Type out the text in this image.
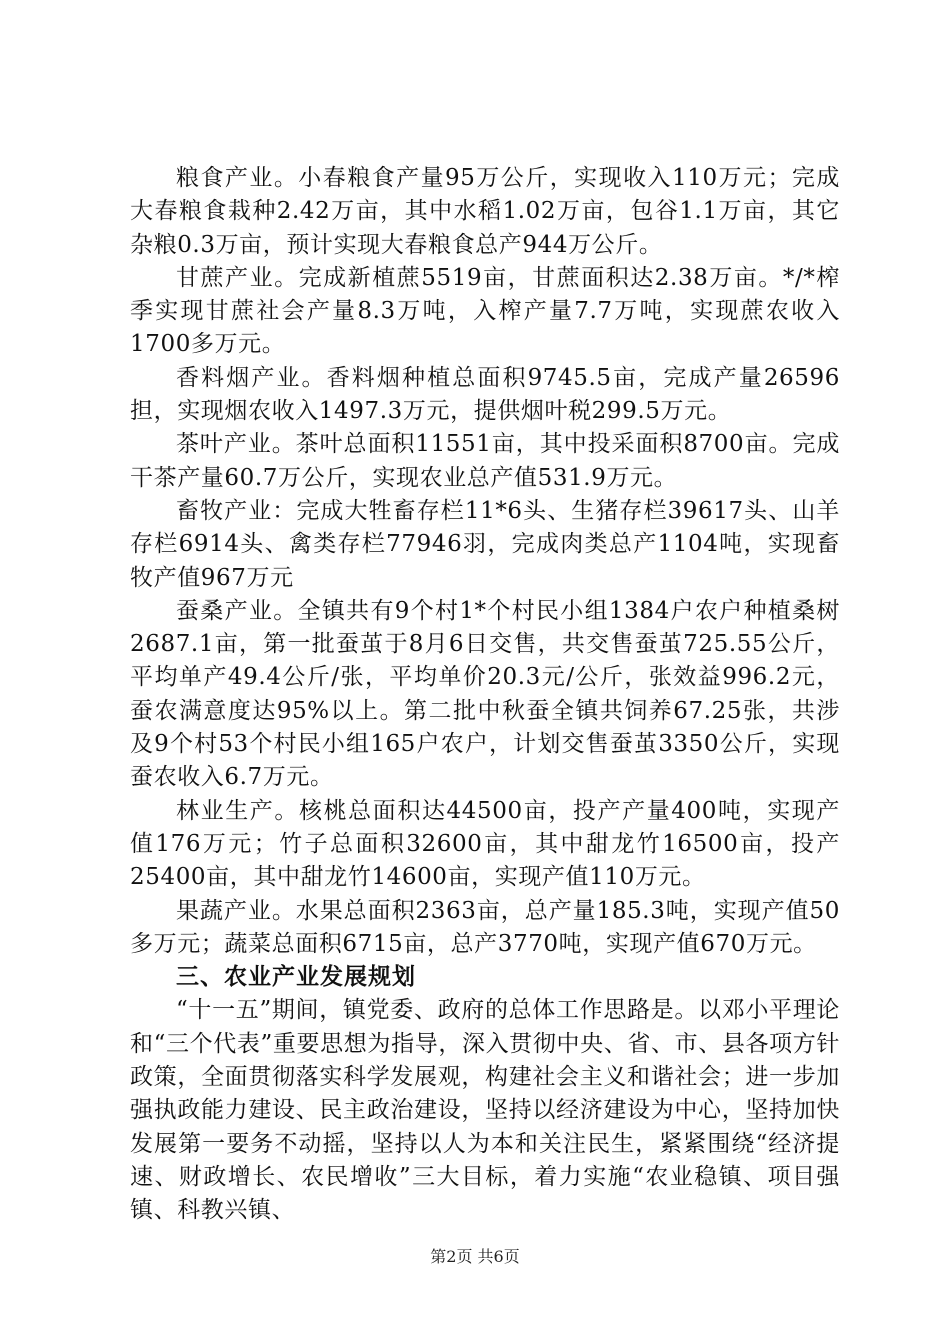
粮食产业。小春粮食产量95万公斤，实现收入110万元；完成大春粮食栽种2.42万亩，其中水稻1.02万亩，包谷1.1万亩，其它杂粮0.3万亩，预计实现大春粮食总产944万公斤。

甘蔗产业。完成新植蔗5519亩，甘蔗面积达2.38万亩。*/*榨季实现甘蔗社会产量8.3万吨，入榨产量7.7万吨，实现蔗农收入1700多万元。

香料烟产业。香料烟种植总面积9745.5亩，完成产量26596担，实现烟农收入1497.3万元，提供烟叶税299.5万元。

茶叶产业。茶叶总面积11551亩，其中投采面积8700亩。完成干茶产量60.7万公斤，实现农业总产值531.9万元。

畜牧产业：完成大牲畜存栏11*6头、生猪存栏39617头、山羊存栏6914头、禽类存栏77946羽，完成肉类总产1104吨，实现畜牧产值967万元

蚕桑产业。全镇共有9个村1*个村民小组1384户农户种植桑树2687.1亩，第一批蚕茧于8月6日交售，共交售蚕茧725.55公斤，平均单产49.4公斤/张，平均单价20.3元/公斤，张效益996.2元，蚕农满意度达95%以上。第二批中秋蚕全镇共饲养67.25张，共涉及9个村53个村民小组165户农户，计划交售蚕茧3350公斤，实现蚕农收入6.7万元。

林业生产。核桃总面积达44500亩，投产产量400吨，实现产值176万元；竹子总面积32600亩，其中甜龙竹16500亩，投产25400亩，其中甜龙竹14600亩，实现产值110万元。

果蔬产业。水果总面积2363亩，总产量185.3吨，实现产值50多万元；蔬菜总面积6715亩，总产3770吨，实现产值670万元。

三、农业产业发展规划

“十一五”期间，镇党委、政府的总体工作思路是。以邓小平理论和“三个代表”重要思想为指导，深入贯彻中央、省、市、县各项方针政策，全面贯彻落实科学发展观，构建社会主义和谐社会；进一步加强执政能力建设、民主政治建设，坚持以经济建设为中心，坚持加快发展第一要务不动摇，坚持以人为本和关注民生，紧紧围绕“经济提速、财政增长、农民增收”三大目标，着力实施“农业稳镇、项目强镇、科教兴镇、

第2页 共6页
